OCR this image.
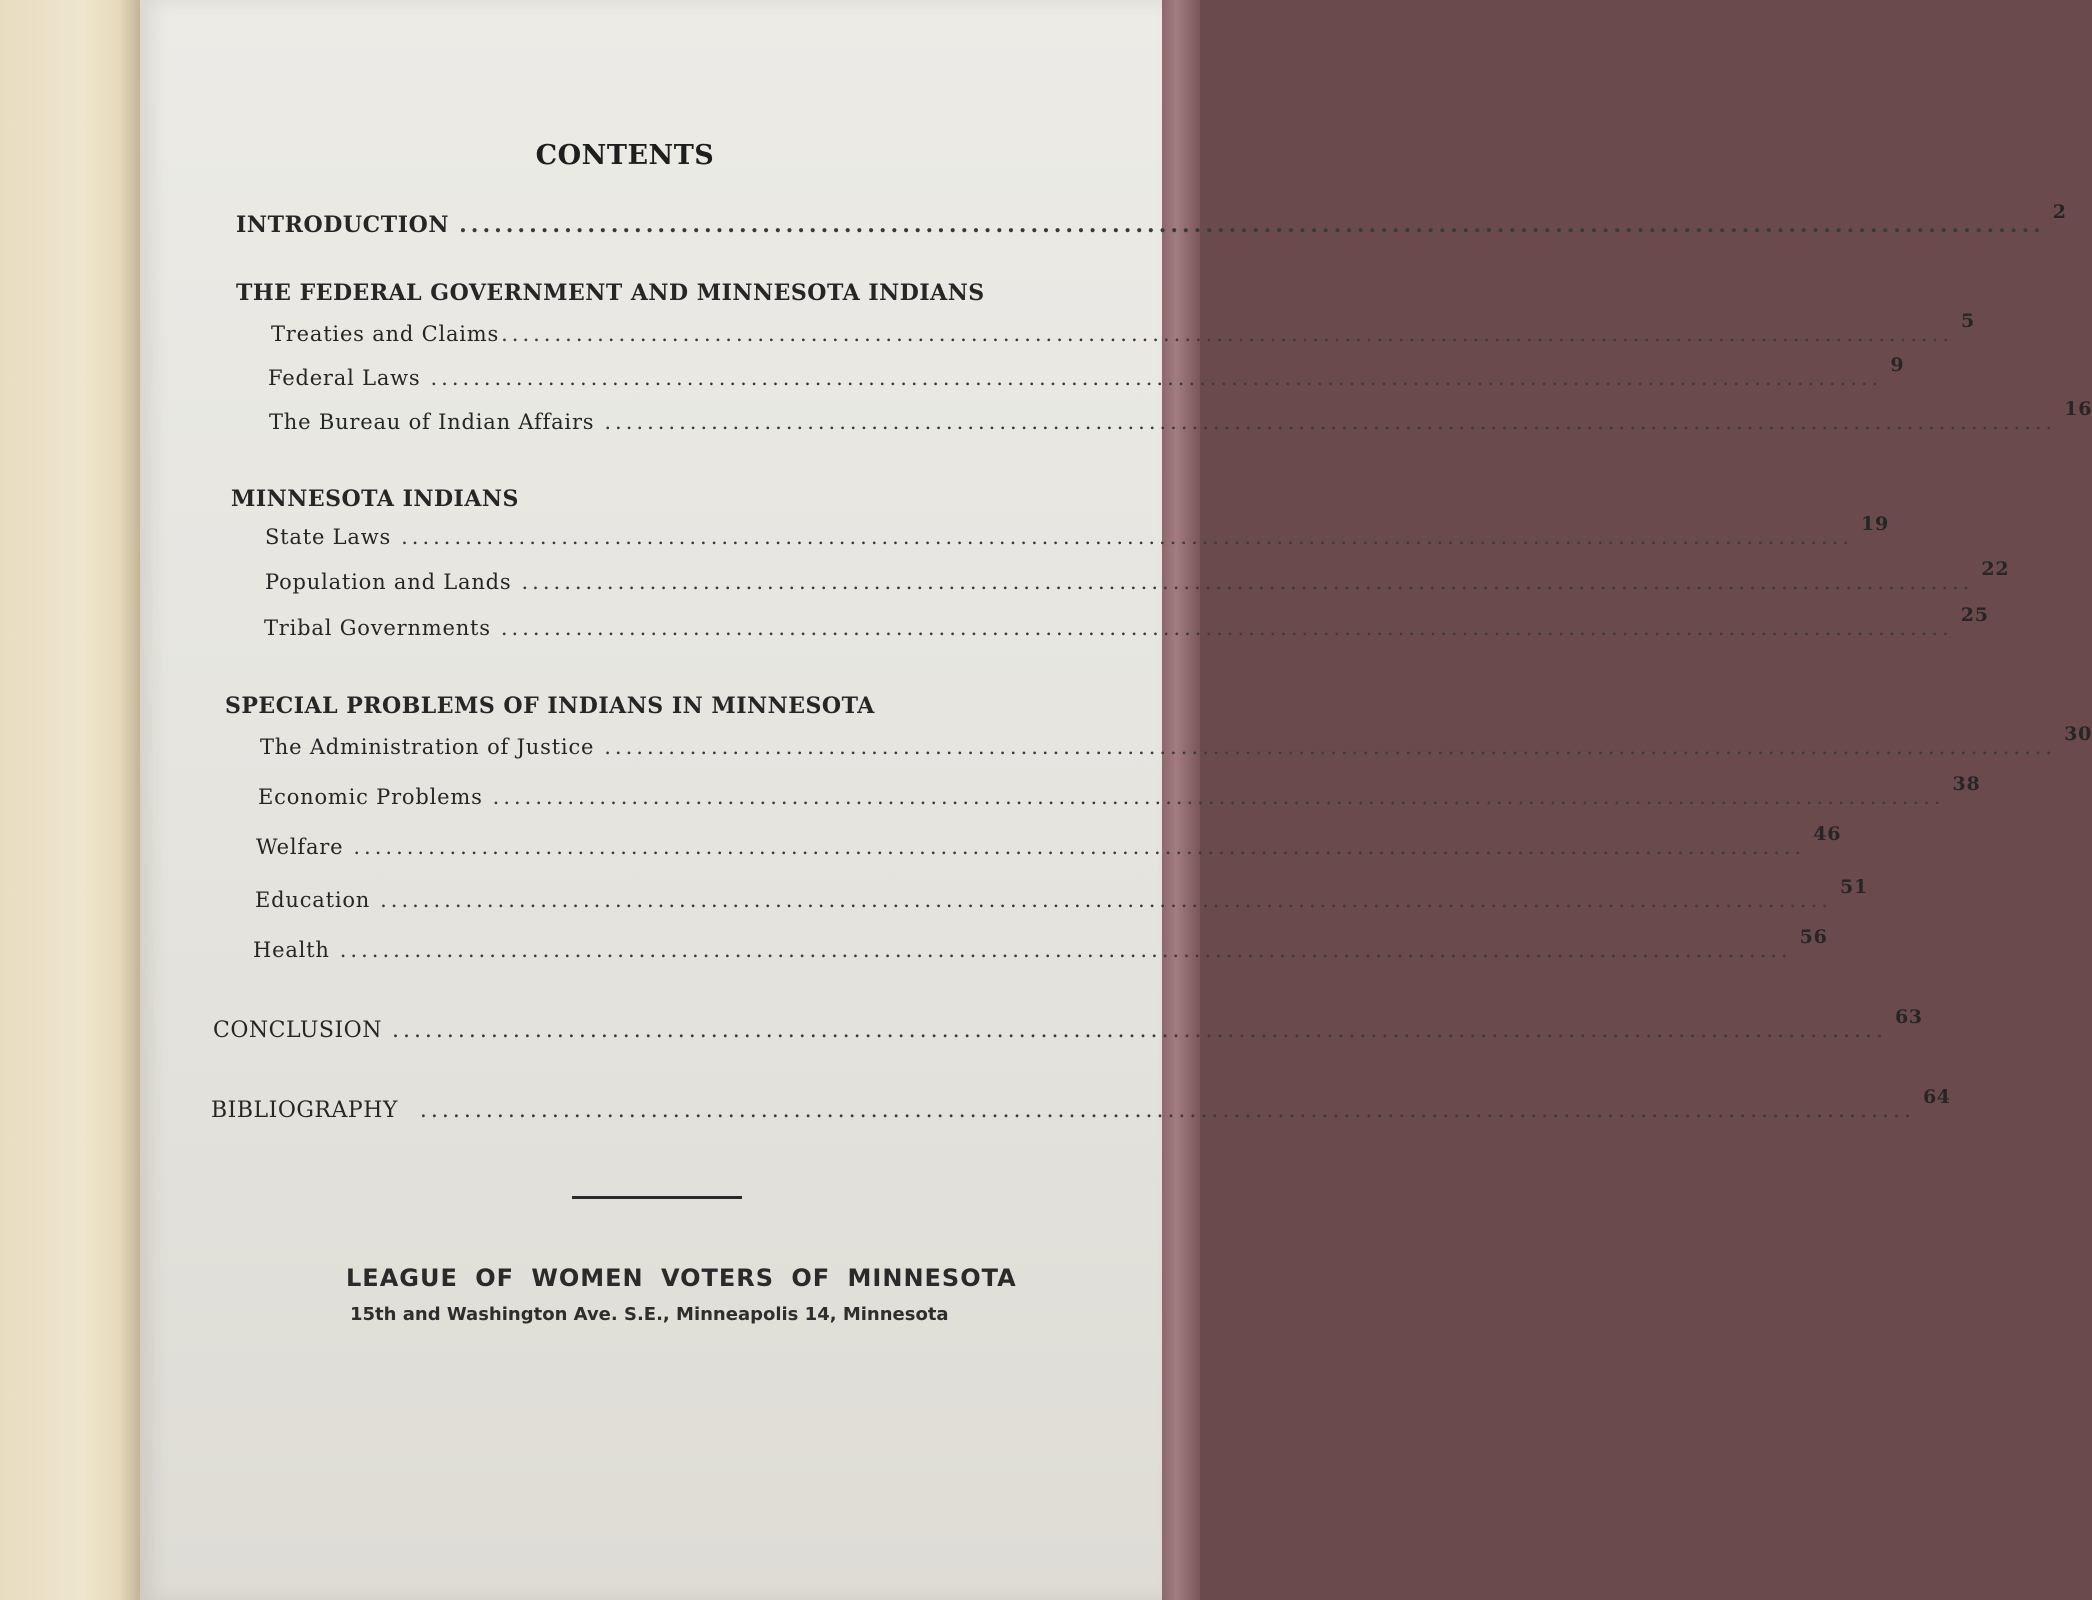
CONTENTS
INTRODUCTION ........................................................................................................................................ 2
THE FEDERAL GOVERNMENT AND MINNESOTA INDIANS
Treaties and Claims ........................................................................................................................................
5
Federal Laws ........................................................................................................................................
9
The Bureau of Indian Affairs ........................................................................................................................................
16
MINNESOTA INDIANS
State Laws ........................................................................................................................................
19
Population and Lands ........................................................................................................................................
22
Tribal Governments ........................................................................................................................................
25
SPECIAL PROBLEMS OF INDIANS IN MINNESOTA
The Administration of Justice ........................................................................................................................................
30
Economic Problems ........................................................................................................................................
38
Welfare ........................................................................................................................................
46
Education ........................................................................................................................................
51
Health ........................................................................................................................................
56
CONCLUSION ........................................................................................................................................
63
BIBLIOGRAPHY ........................................................................................................................................
64
LEAGUE OF WOMEN VOTERS OF MINNESOTA
15th and Washington Ave. S.E., Minneapolis 14, Minnesota
